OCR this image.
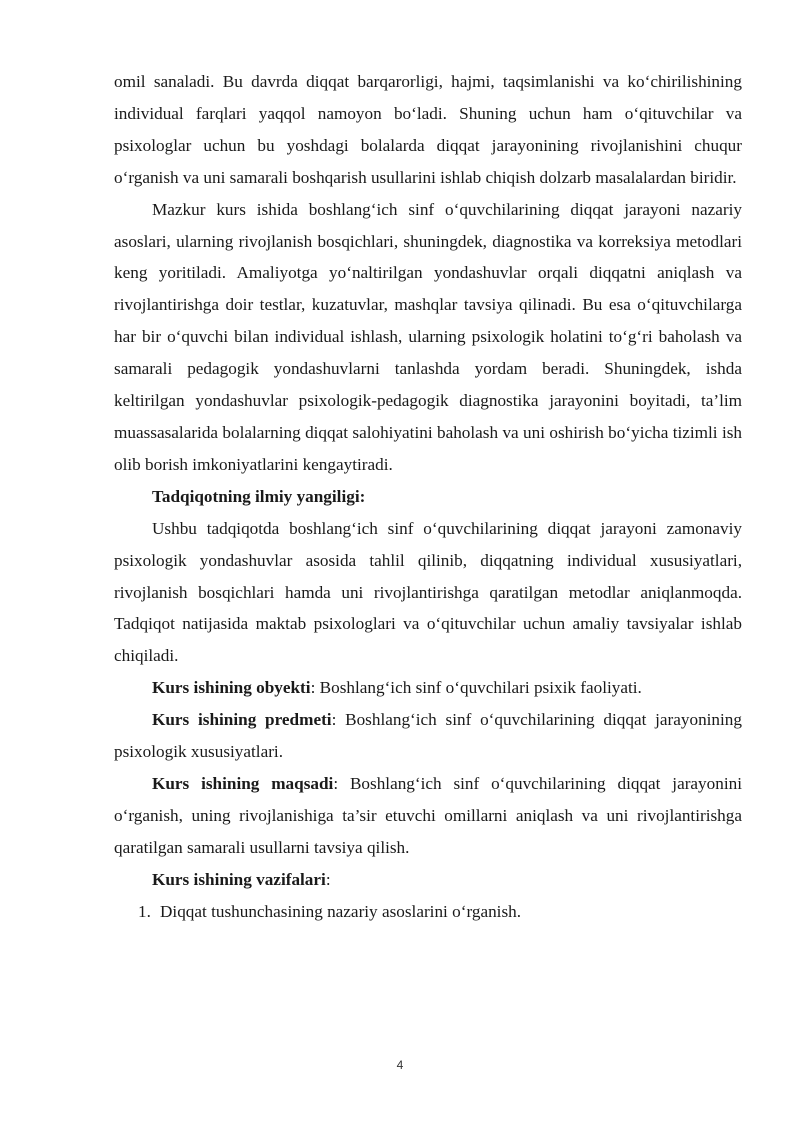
omil sanaladi. Bu davrda diqqat barqarorligi, hajmi, taqsimlanishi va ko‘chirilishining individual farqlari yaqqol namoyon bo‘ladi. Shuning uchun ham o‘qituvchilar va psixologlar uchun bu yoshdagi bolalarda diqqat jarayonining rivojlanishini chuqur o‘rganish va uni samarali boshqarish usullarini ishlab chiqish dolzarb masalalardan biridir.

Mazkur kurs ishida boshlang‘ich sinf o‘quvchilarining diqqat jarayoni nazariy asoslari, ularning rivojlanish bosqichlari, shuningdek, diagnostika va korreksiya metodlari keng yoritiladi. Amaliyotga yo‘naltirilgan yondashuvlar orqali diqqatni aniqlash va rivojlantirishga doir testlar, kuzatuvlar, mashqlar tavsiya qilinadi. Bu esa o‘qituvchilarga har bir o‘quvchi bilan individual ishlash, ularning psixologik holatini to‘g‘ri baholash va samarali pedagogik yondashuvlarni tanlashda yordam beradi. Shuningdek, ishda keltirilgan yondashuvlar psixologik-pedagogik diagnostika jarayonini boyitadi, ta’lim muassasalarida bolalarning diqqat salohiyatini baholash va uni oshirish bo‘yicha tizimli ish olib borish imkoniyatlarini kengaytiradi.

Tadqiqotning ilmiy yangiligi:

Ushbu tadqiqotda boshlang‘ich sinf o‘quvchilarining diqqat jarayoni zamonaviy psixologik yondashuvlar asosida tahlil qilinib, diqqatning individual xususiyatlari, rivojlanish bosqichlari hamda uni rivojlantirishga qaratilgan metodlar aniqlanmoqda. Tadqiqot natijasida maktab psixologlari va o‘qituvchilar uchun amaliy tavsiyalar ishlab chiqiladi.

Kurs ishining obyekti: Boshlang‘ich sinf o‘quvchilari psixik faoliyati.

Kurs ishining predmeti: Boshlang‘ich sinf o‘quvchilarining diqqat jarayonining psixologik xususiyatlari.

Kurs ishining maqsadi: Boshlang‘ich sinf o‘quvchilarining diqqat jarayonini o‘rganish, uning rivojlanishiga ta’sir etuvchi omillarni aniqlash va uni rivojlantirishga qaratilgan samarali usullarni tavsiya qilish.

Kurs ishining vazifalari:

1. Diqqat tushunchasining nazariy asoslarini o‘rganish.
4
